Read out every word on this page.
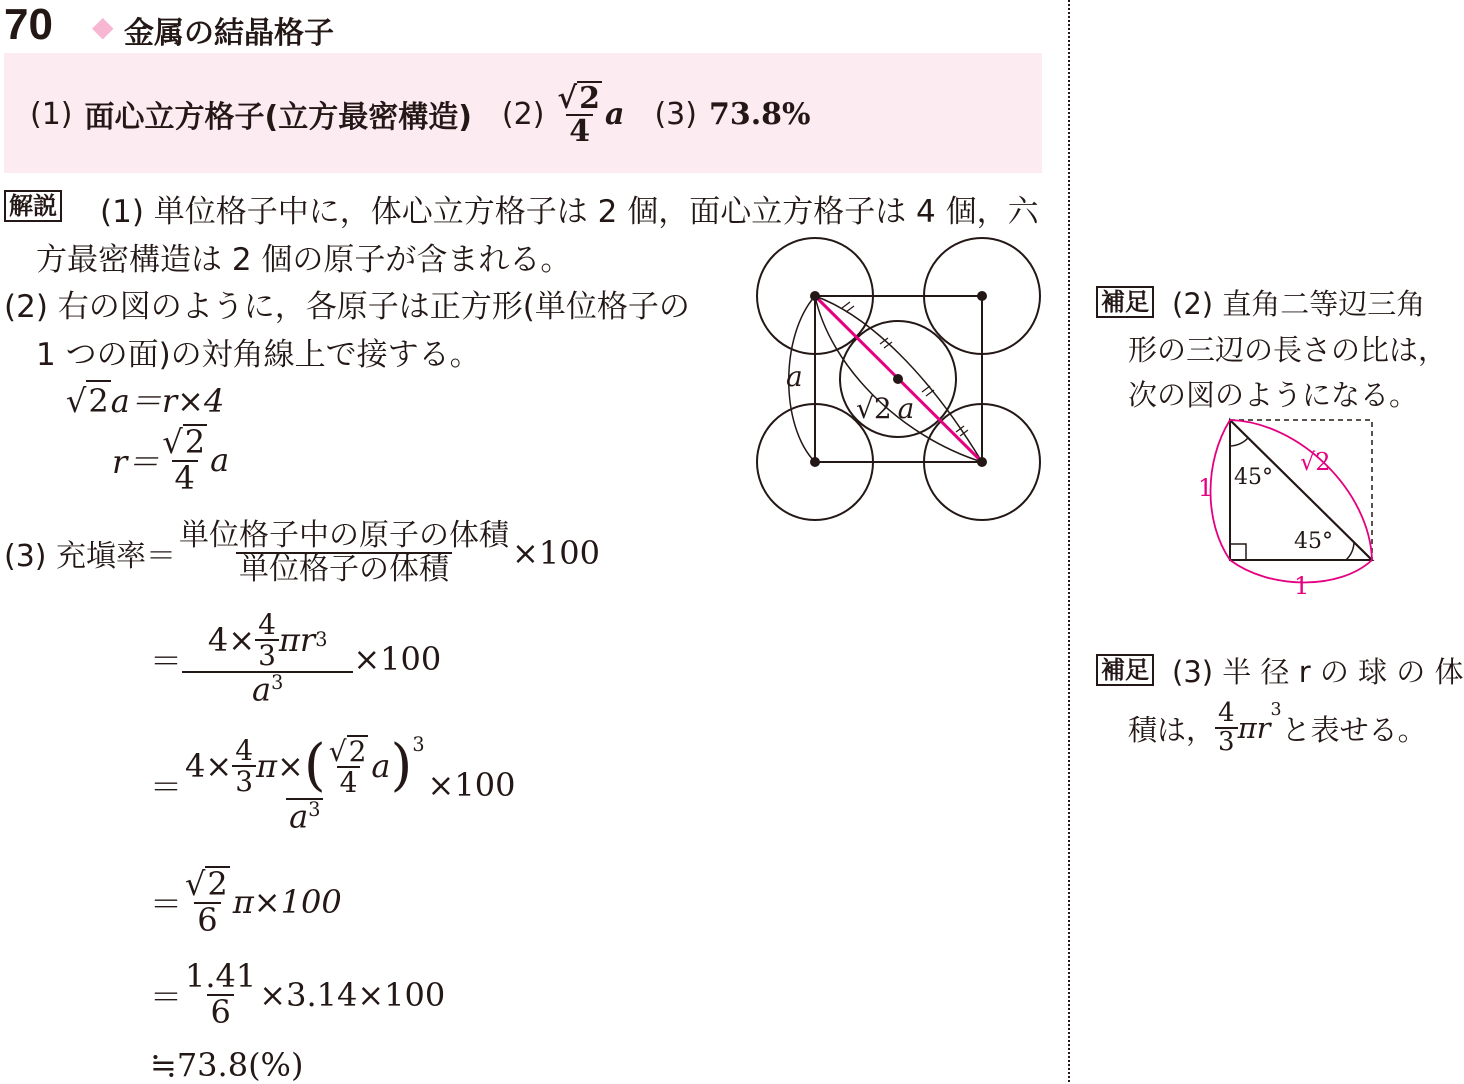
70 ◆ 金属の結晶格子
(1) 面心立方格子(立方最密構造) $(2) \frac{√ 2}{4}$ a (3) 73.8%
解説 (1) 単位格子中に，体心立方格子は 2 個，面心立方格子は 4 個，六
方最密構造は 2 個の原子が含まれる。
(2) 右の図のように，各原子は正方形(単位格子の
1 つの面)の対角線上で接する。
√ 2 a＝r×4
$r= \frac{√ 2}{4}$ a
(3) 充塡率＝ $\frac{\text{単位格子中の原子の体積}}{\text{単位格子の体積}} \times 100$
＝ $\frac{4\times \frac{4}{3} \pi r 3}{a^3} \times 100$
＝
$4\times \frac{4}{3} \pi\times$ ( $\frac{√ 2}{4}$ a )$^3$
$a^3$
×100
＝ $\frac{√ 2}{6} \pi\times 100$
＝ $\frac{1.41}{6} \times 3.14\times 100$
≒73.8(%)
a
√2 a
補足 (2) 直角二等辺三角
形の三辺の長さの比は，
次の図のようになる。
45°
45°
1
1
√2
補足 (3) 半 径 r の 球 の 体
積は， $\frac{4}{3}$ πr
$^3$
と表せる。
